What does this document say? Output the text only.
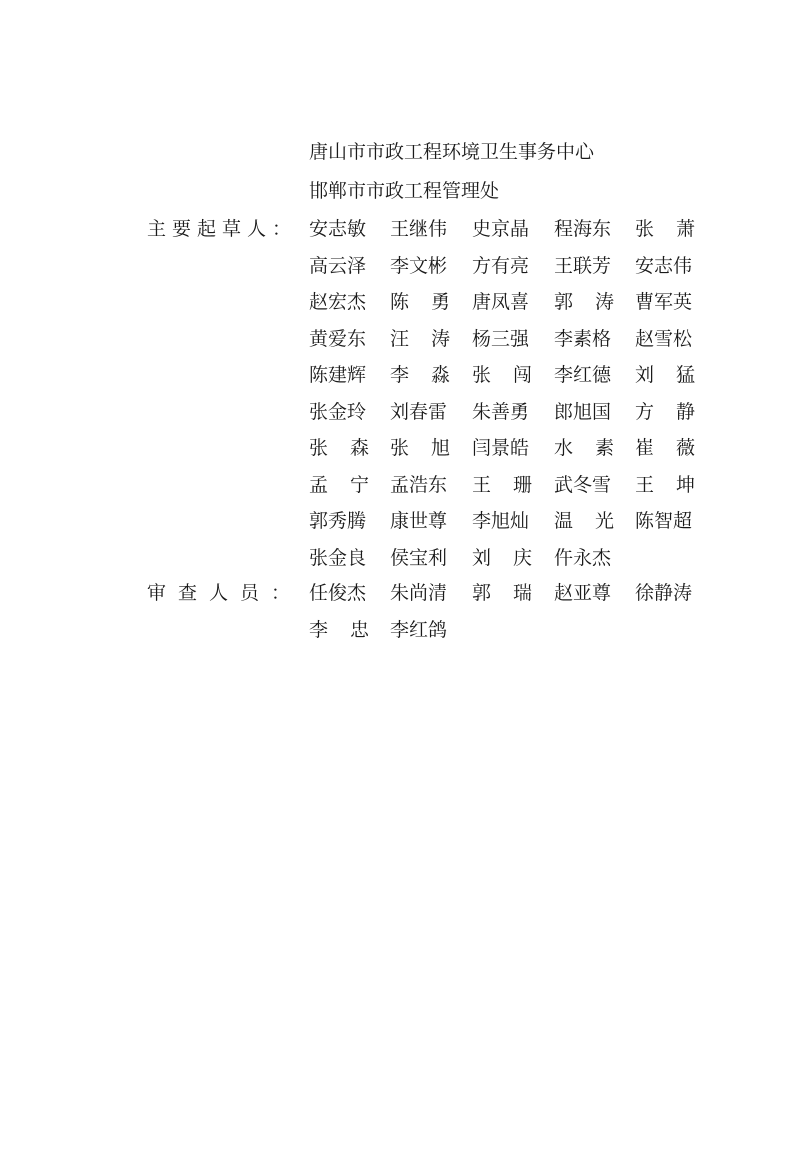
唐山市市政工程环境卫生事务中心
邯郸市市政工程管理处
主要起草人： 安志敏 王继伟 史京晶 程海东 张 萧
高云泽 李文彬 方有亮 王联芳 安志伟
赵宏杰 陈 勇 唐凤喜 郭 涛 曹军英
黄爱东 汪 涛 杨三强 李素格 赵雪松
陈建辉 李 淼 张 闯 李红德 刘 猛
张金玲 刘春雷 朱善勇 郎旭国 方 静
张 森 张 旭 闫景皓 水 素 崔 薇
孟 宁 孟浩东 王 珊 武冬雪 王 坤
郭秀腾 康世尊 李旭灿 温 光 陈智超
张金良 侯宝利 刘 庆 仵永杰
审查人员： 任俊杰 朱尚清 郭 瑞 赵亚尊 徐静涛
李 忠 李红鸽
